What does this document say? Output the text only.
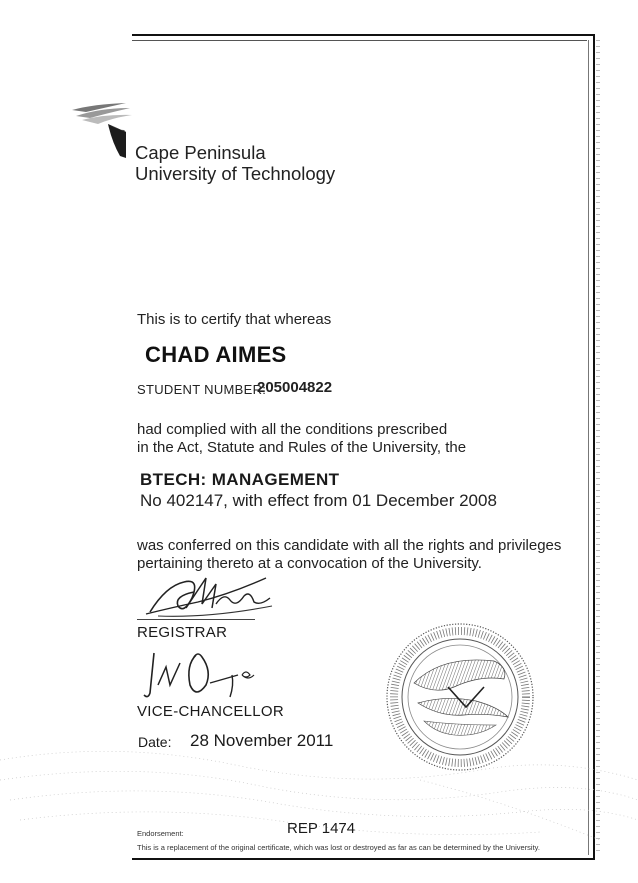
Cape Peninsula
University of Technology
This is to certify that whereas
CHAD AIMES
STUDENT NUMBER:
205004822
had complied with all the conditions prescribed
in the Act, Statute and Rules of the University, the
BTECH: MANAGEMENT
No 402147, with effect from 01 December 2008
was conferred on this candidate with all the rights and privileges
pertaining thereto at a convocation of the University.
REGISTRAR
VICE-CHANCELLOR
Date: 28 November 2011
Endorsement:	REP 1474
This is a replacement of the original certificate, which was lost or destroyed as far as can be determined by the University.
